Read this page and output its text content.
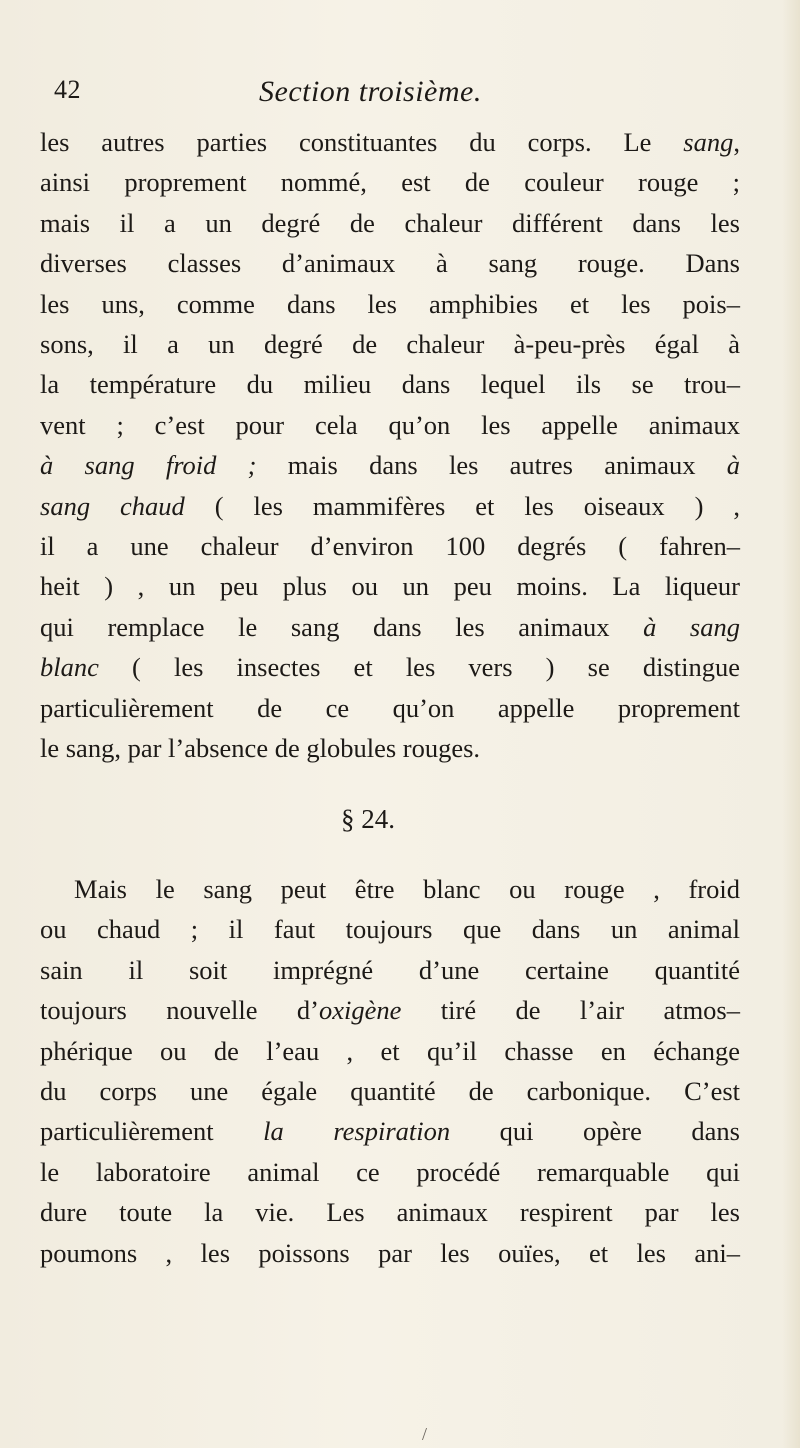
42	Section troisième.
les autres parties constituantes du corps. Le sang,
ainsi proprement nommé, est de couleur rouge ;
mais il a un degré de chaleur différent dans les
diverses classes d’animaux à sang rouge. Dans
les uns, comme dans les amphibies et les pois–
sons, il a un degré de chaleur à-peu-près égal à
la température du milieu dans lequel ils se trou–
vent ; c’est pour cela qu’on les appelle animaux
à sang froid ; mais dans les autres animaux à
sang chaud ( les mammifères et les oiseaux ) ,
il a une chaleur d’environ 100 degrés ( fahren–
heit ) , un peu plus ou un peu moins. La liqueur
qui remplace le sang dans les animaux à sang
blanc ( les insectes et les vers ) se distingue
particulièrement de ce qu’on appelle proprement
le sang, par l’absence de globules rouges.
§ 24.
Mais le sang peut être blanc ou rouge , froid
ou chaud ; il faut toujours que dans un animal
sain il soit imprégné d’une certaine quantité
toujours nouvelle d’oxigène tiré de l’air atmos–
phérique ou de l’eau , et qu’il chasse en échange
du corps une égale quantité de carbonique. C’est
particulièrement la respiration qui opère dans
le laboratoire animal ce procédé remarquable qui
dure toute la vie. Les animaux respirent par les
poumons , les poissons par les ouïes, et les ani–
/
